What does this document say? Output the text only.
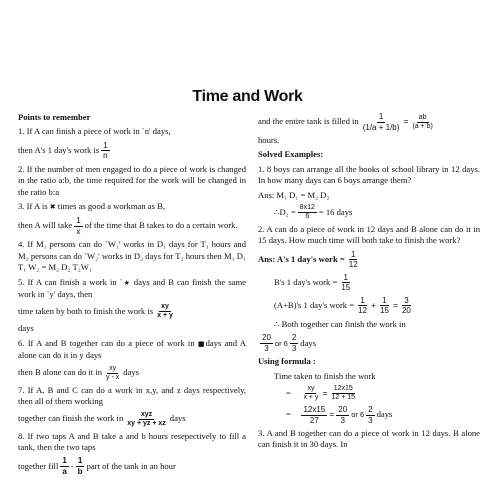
Time and Work

Points to remember

1. If A can finish a piece of work in `n' days,

then A's 1 day's work is $\frac{1}{n}$

2. If the number of men engaged to do a piece of work is changed in the ratio a:b, the time required for the work will be changed in the ratio b:a

3. If A is ✖ times as good a workman as B,

then A will take $\frac{1}{x}$ of the time that B takes to do a certain work.

4. If M₁ persons can do `W₁' works in D₁ days for T₁ hours and M₂ persons can do `W₂' works in D₂ days for T₂ hours then M₁ D₁ T₁ W₂ = M₂ D₂ T₂W₁

5. If A can finish a work in `★ days and B can finish the same work in `y' days, then

time taken by both to finish the work is $\frac{xy}{x + y}$

days

6. If A and B together can do a piece of work in ■days and A alone can do it in y days

then B alone can do it in $\frac{xy}{y - x}$ days

7. If A, B and C can do a work in x,y, and z days respectively, then all of them working

together can finish the work in $\frac{\text{xyz}}{xy + yz + xz}$ days

8. If two taps A and B take a and b hours resepectively to fill a tank, then the two taps

together fill $\frac{1}{a} - \frac{1}{b}$ part of the tank in an hour

and the entire tank is filled in $\frac{1}{(1/a + 1/b)} = \frac{ab}{(a + b)}$

hours.

Solved Examples:

1. 8 boys can arrange all the books of school library in 12 days. In how many days can 6 boys arrange them?

Ans: M₁ D₁ = M₂ D₂

∴D₂ = $\frac{8x12}{6} = 16$ days

2. A can do a piece of work in 12 days and B alone can do it in 15 days. How much time will both take to finish the work?

Ans: A's 1 day's work = $\frac{1}{12}$

B's 1 day's work = $\frac{1}{15}$

(A+B)'s 1 day's work = $\frac{1}{12} + \frac{1}{15} = \frac{3}{20}$

∴ Both together can finish the work in

$\frac{20}{3}$ or $6 \frac{2}{3}$ days

Using formula :

Time taken to finish the work

=
$\frac{xy}{x + y} = \frac{12x15}{12 + 15}$

=
$\frac{12x15}{27} = \frac{20}{3}$ or $6 \frac{2}{3}$ days

3. A and B together can do a piece of work in 12 days. B alone can finish it in 30 days. In
